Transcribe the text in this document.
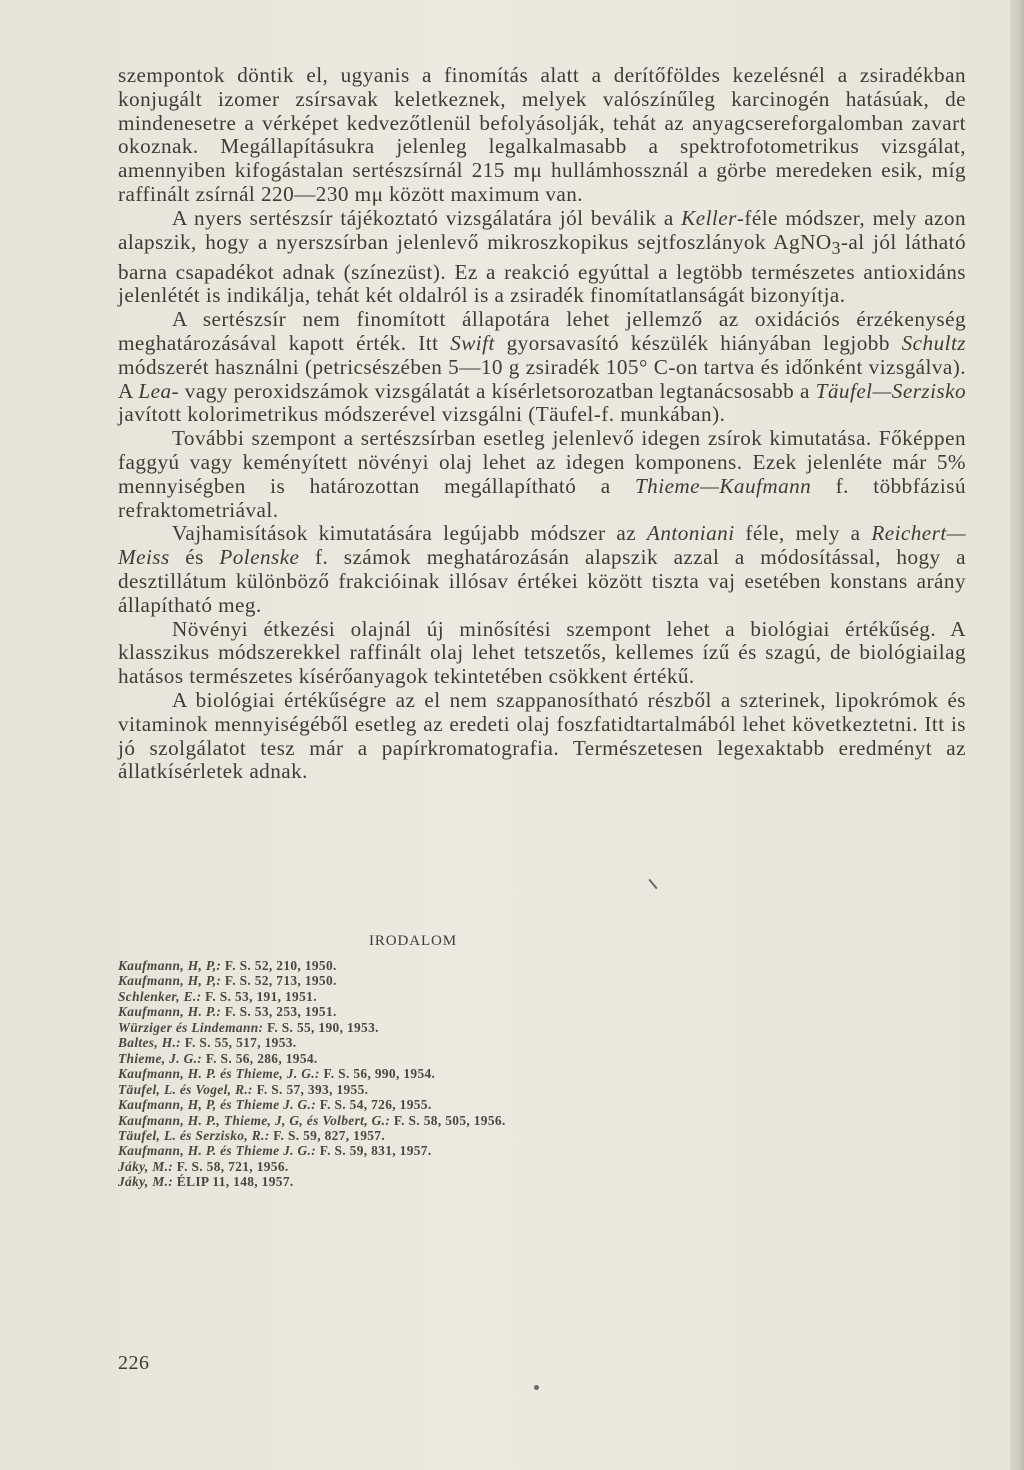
szempontok döntik el, ugyanis a finomítás alatt a derítőföldes kezelésnél a zsiradékban konjugált izomer zsírsavak keletkeznek, melyek valószínűleg karcinogén hatásúak, de mindenesetre a vérképet kedvezőtlenül befolyásolják, tehát az anyagcsereforgalomban zavart okoznak. Megállapításukra jelenleg legalkalmasabb a spektrofotometrikus vizsgálat, amennyiben kifogástalan sertészsírnál 215 mμ hullámhossznál a görbe meredeken esik, míg raffinált zsírnál 220—230 mμ között maximum van.

A nyers sertészsír tájékoztató vizsgálatára jól beválik a Keller-féle módszer, mely azon alapszik, hogy a nyerszsírban jelenlevő mikroszkopikus sejtfoszlányok AgNO$_3$-al jól látható barna csapadékot adnak (színezüst). Ez a reakció egyúttal a legtöbb természetes antioxidáns jelenlétét is indikálja, tehát két oldalról is a zsiradék finomítatlanságát bizonyítja.

A sertészsír nem finomított állapotára lehet jellemző az oxidációs érzékenység meghatározásával kapott érték. Itt Swift gyorsavasító készülék hiányában legjobb Schultz módszerét használni (petricsészében 5—10 g zsiradék 105° C-on tartva és időnként vizsgálva). A Lea- vagy peroxidszámok vizsgálatát a kísérletsorozatban legtanácsosabb a Täufel—Serzisko javított kolorimetrikus módszerével vizsgálni (Täufel-f. munkában).

További szempont a sertészsírban esetleg jelenlevő idegen zsírok kimutatása. Főképpen faggyú vagy keményített növényi olaj lehet az idegen komponens. Ezek jelenléte már 5% mennyiségben is határozottan megállapítható a Thieme—Kaufmann f. többfázisú refraktometriával.

Vajhamisítások kimutatására legújabb módszer az Antoniani féle, mely a Reichert—Meiss és Polenske f. számok meghatározásán alapszik azzal a módosítással, hogy a desztillátum különböző frakcióinak illósav értékei között tiszta vaj esetében konstans arány állapítható meg.

Növényi étkezési olajnál új minősítési szempont lehet a biológiai értékűség. A klasszikus módszerekkel raffinált olaj lehet tetszetős, kellemes ízű és szagú, de biológiailag hatásos természetes kísérőanyagok tekintetében csökkent értékű.

A biológiai értékűségre az el nem szappanosítható részből a szterinek, lipokrómok és vitaminok mennyiségéből esetleg az eredeti olaj foszfatidtartalmából lehet következtetni. Itt is jó szolgálatot tesz már a papírkromatografia. Természetesen legexaktabb eredményt az állatkísérletek adnak.

IRODALOM
Kaufmann, H, P,: F. S. 52, 210, 1950.
Kaufmann, H, P,: F. S. 52, 713, 1950.
Schlenker, E.: F. S. 53, 191, 1951.
Kaufmann, H. P.: F. S. 53, 253, 1951.
Würziger és Lindemann: F. S. 55, 190, 1953.
Baltes, H.: F. S. 55, 517, 1953.
Thieme, J. G.: F. S. 56, 286, 1954.
Kaufmann, H. P. és Thieme, J. G.: F. S. 56, 990, 1954.
Täufel, L. és Vogel, R.: F. S. 57, 393, 1955.
Kaufmann, H, P, és Thieme J. G.: F. S. 54, 726, 1955.
Kaufmann, H. P., Thieme, J, G, és Volbert, G.: F. S. 58, 505, 1956.
Täufel, L. és Serzisko, R.: F. S. 59, 827, 1957.
Kaufmann, H. P. és Thieme J. G.: F. S. 59, 831, 1957.
Jáky, M.: F. S. 58, 721, 1956.
Jáky, M.: ÉLIP 11, 148, 1957.
226
